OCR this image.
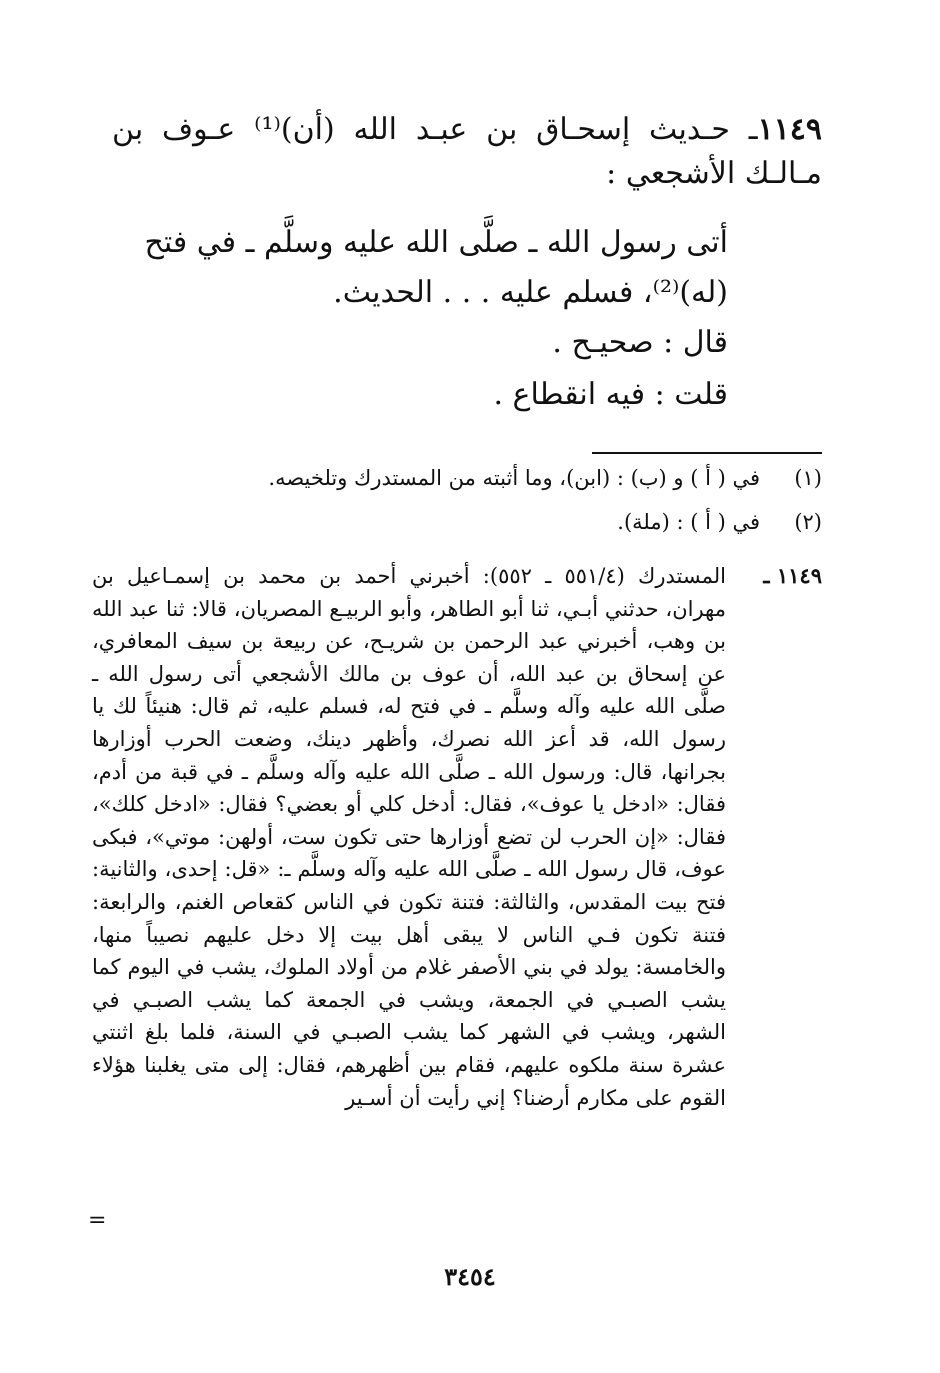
١١٤٩ـ حـديث إسحـاق بن عبـد الله (أن)⁽¹⁾ عـوف بن مـالـك الأشجعي :
أتى رسول الله ـ صلَّى الله عليه وسلَّم ـ في فتح (له)⁽²⁾، فسلم عليه . . . الحديث.
قال : صحيـح .
قلت : فيه انقطاع .
(١)
في ( أ ) و (ب) : (ابن)، وما أثبته من المستدرك وتلخيصه.
(٢)
في ( أ ) : (ملة).
١١٤٩ ـ
المستدرك (٥٥١/٤ ـ ٥٥٢): أخبرني أحمد بن محمد بن إسمـاعيل بن مهران، حدثني أبـي، ثنا أبو الطاهر، وأبو الربيـع المصريان، قالا: ثنا عبد الله بن وهب، أخبرني عبد الرحمن بن شريـح، عن ربيعة بن سيف المعافري، عن إسحاق بن عبد الله، أن عوف بن مالك الأشجعي أتى رسول الله ـ صلَّى الله عليه وآله وسلَّم ـ في فتح له، فسلم عليه، ثم قال: هنيئاً لك يا رسول الله، قد أعز الله نصرك، وأظهر دينك، وضعت الحرب أوزارها بجرانها، قال: ورسول الله ـ صلَّى الله عليه وآله وسلَّم ـ في قبة من أدم، فقال: «ادخل يا عوف»، فقال: أدخل كلي أو بعضي؟ فقال: «ادخل كلك»، فقال: «إن الحرب لن تضع أوزارها حتى تكون ست، أولهن: موتي»، فبكى عوف، قال رسول الله ـ صلَّى الله عليه وآله وسلَّم ـ: «قل: إحدى، والثانية: فتح بيت المقدس، والثالثة: فتنة تكون في الناس كقعاص الغنم، والرابعة: فتنة تكون فـي الناس لا يبقى أهل بيت إلا دخل عليهم نصيباً منها، والخامسة: يولد في بني الأصفر غلام من أولاد الملوك، يشب في اليوم كما يشب الصبـي في الجمعة، ويشب في الجمعة كما يشب الصبـي في الشهر، ويشب في الشهر كما يشب الصبـي في السنة، فلما بلغ اثنتي عشرة سنة ملكوه عليهم، فقام بين أظهرهم، فقال: إلى متى يغلبنا هؤلاء القوم على مكارم أرضنا؟ إني رأيت أن أسـير
=
٣٤٥٤
